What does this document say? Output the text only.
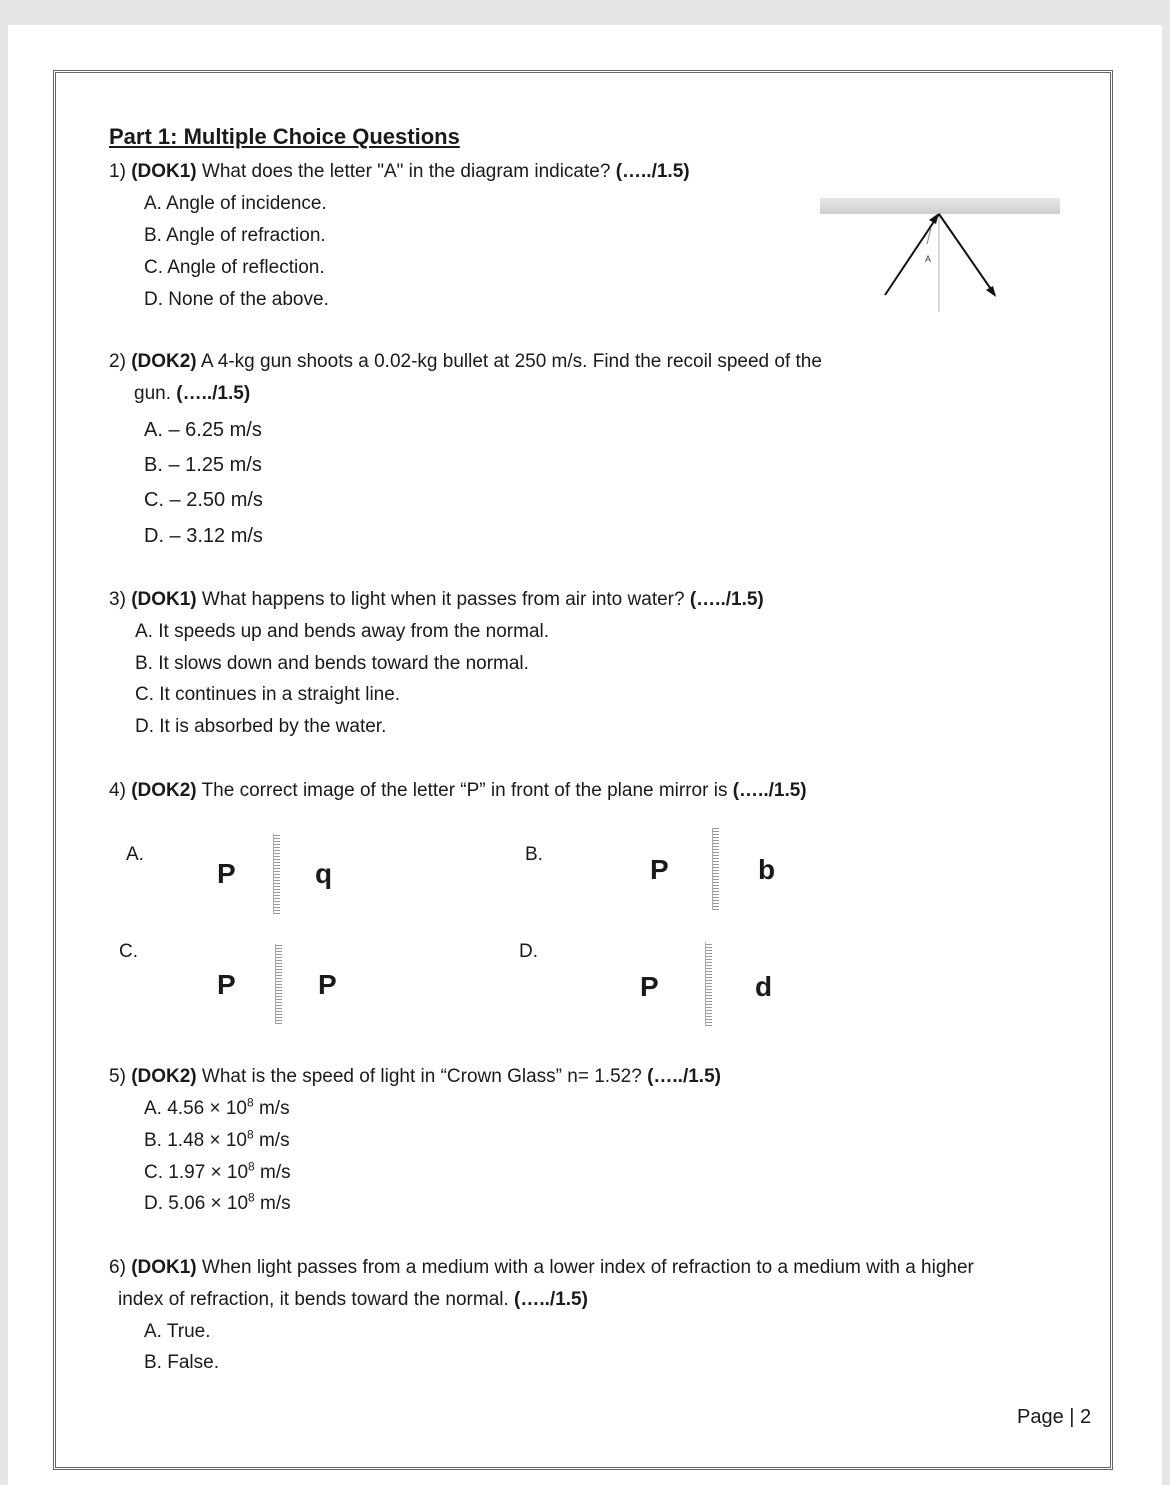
Part 1: Multiple Choice Questions
1) (DOK1) What does the letter "A" in the diagram indicate? (…../1.5)
A. Angle of incidence.
B. Angle of refraction.
C. Angle of reflection.
D. None of the above.
A
2) (DOK2) A 4-kg gun shoots a 0.02-kg bullet at 250 m/s. Find the recoil speed of the
gun. (…../1.5)
A. – 6.25 m/s
B. – 1.25 m/s
C. – 2.50 m/s
D. – 3.12 m/s
3) (DOK1) What happens to light when it passes from air into water? (…../1.5)
A. It speeds up and bends away from the normal.
B. It slows down and bends toward the normal.
C. It continues in a straight line.
D. It is absorbed by the water.
4) (DOK2) The correct image of the letter “P” in front of the plane mirror is (…../1.5)
A.
P	q
B.	P	b
C.
P	P
D.
P	d
5) (DOK2) What is the speed of light in “Crown Glass” n= 1.52? (…../1.5)
A. $4.56 \times 10^8$ m/s
B. $1.48 \times 10^8$ m/s
C. $1.97 \times 10^8$ m/s
D. $5.06 \times 10^8$ m/s
6) (DOK1) When light passes from a medium with a lower index of refraction to a medium with a higher
index of refraction, it bends toward the normal. (…../1.5)
A. True.
B. False.
Page | 2
